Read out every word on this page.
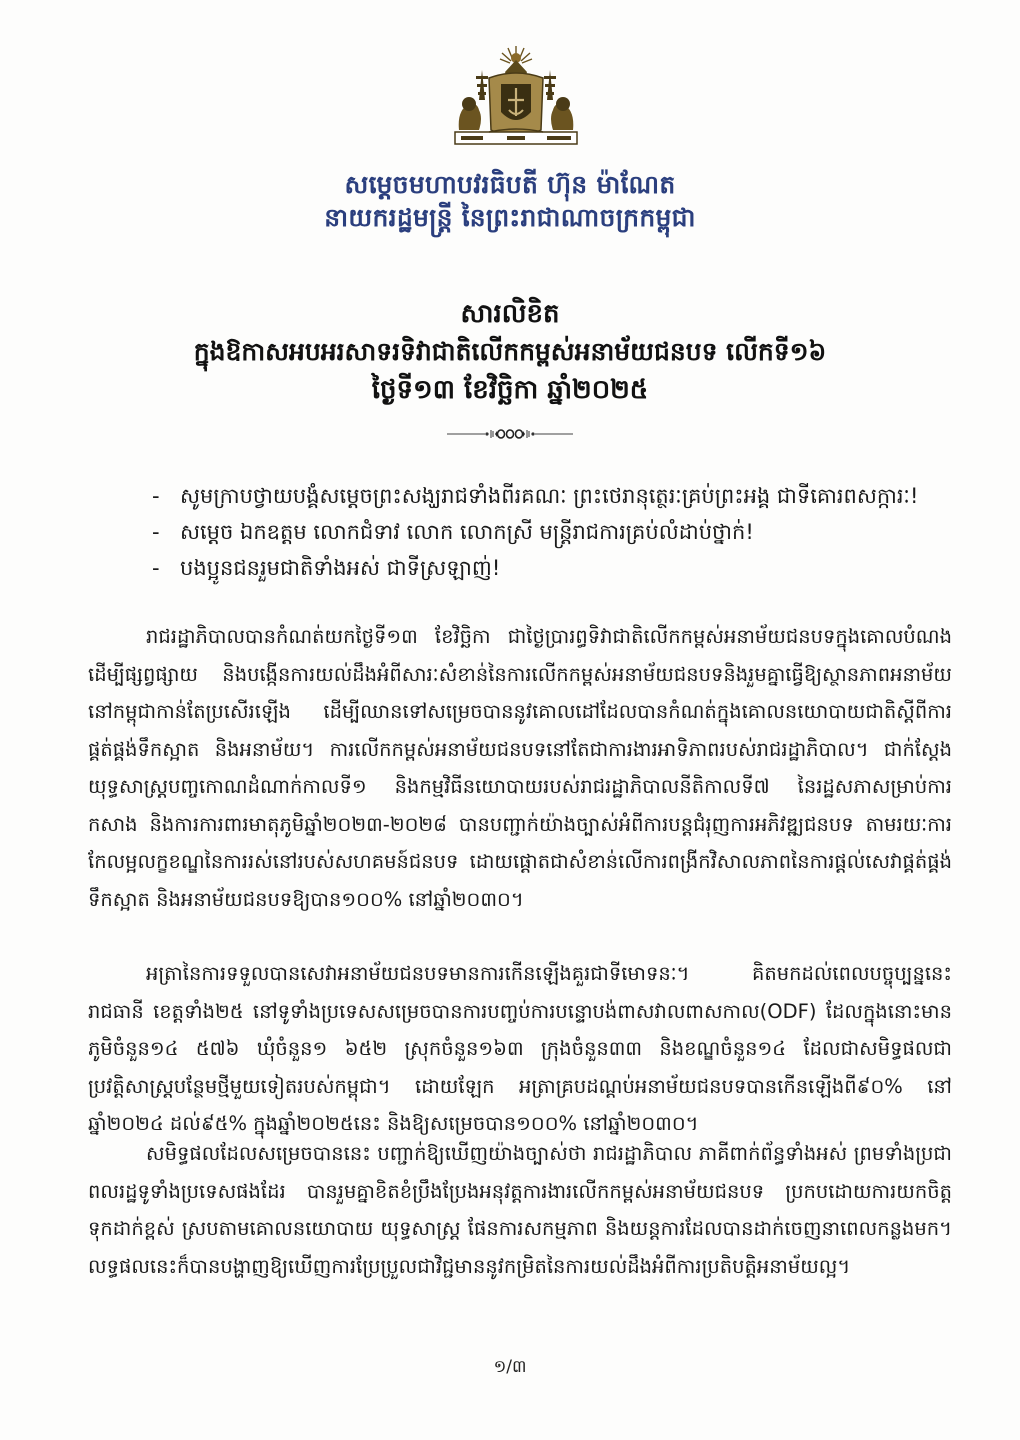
សម្តេចមហាបវរធិបតី ហ៊ុន ម៉ាណែត
នាយករដ្ឋមន្ត្រី នៃព្រះរាជាណាចក្រកម្ពុជា
សារលិខិត
ក្នុងឱកាសអបអរសាទរទិវាជាតិលើកកម្ពស់អនាម័យជនបទ លើកទី១៦
ថ្ងៃទី១៣ ខែវិច្ឆិកា ឆ្នាំ២០២៥
- សូមក្រាបថ្វាយបង្គំសម្តេចព្រះសង្ឃរាជទាំងពីរគណៈ ព្រះថេរានុត្ថេរៈគ្រប់ព្រះអង្គ ជាទីគោរពសក្ការៈ!
- សម្តេច ឯកឧត្តម លោកជំទាវ លោក លោកស្រី មន្ត្រីរាជការគ្រប់លំដាប់ថ្នាក់!
- បងប្អូនជនរួមជាតិទាំងអស់ ជាទីស្រឡាញ់!

រាជរដ្ឋាភិបាលបានកំណត់យកថ្ងៃទី១៣ ខែវិច្ឆិកា ជាថ្ងៃប្រារព្ធទិវាជាតិលើកកម្ពស់អនាម័យជនបទក្នុងគោលបំណងដើម្បីផ្សព្វផ្សាយ និងបង្កើនការយល់ដឹងអំពីសារៈសំខាន់នៃការលើកកម្ពស់អនាម័យជនបទនិងរួមគ្នាធ្វើឱ្យស្ថានភាពអនាម័យនៅកម្ពុជាកាន់តែប្រសើរឡើង ដើម្បីឈានទៅសម្រេចបាននូវគោលដៅដែលបានកំណត់ក្នុងគោលនយោបាយជាតិស្តីពីការផ្គត់ផ្គង់ទឹកស្អាត និងអនាម័យ។ ការលើកកម្ពស់អនាម័យជនបទនៅតែជាការងារអាទិភាពរបស់រាជរដ្ឋាភិបាល។ ជាក់ស្តែង យុទ្ធសាស្ត្របញ្ចកោណដំណាក់កាលទី១ និងកម្មវិធីនយោបាយរបស់រាជរដ្ឋាភិបាលនីតិកាលទី៧ នៃរដ្ឋសភាសម្រាប់ការកសាង និងការការពារមាតុភូមិឆ្នាំ២០២៣-២០២៨ បានបញ្ជាក់យ៉ាងច្បាស់អំពីការបន្តជំរុញការអភិវឌ្ឍជនបទ តាមរយៈការកែលម្អលក្ខខណ្ឌនៃការរស់នៅរបស់សហគមន៍ជនបទ ដោយផ្តោតជាសំខាន់លើការពង្រីកវិសាលភាពនៃការផ្តល់សេវាផ្គត់ផ្គង់ទឹកស្អាត និងអនាម័យជនបទឱ្យបាន១០០% នៅឆ្នាំ២០៣០។

អត្រានៃការទទួលបានសេវាអនាម័យជនបទមានការកើនឡើងគួរជាទីមោទនៈ។ គិតមកដល់ពេលបច្ចុប្បន្ននេះ រាជធានី ខេត្តទាំង២៥ នៅទូទាំងប្រទេសសម្រេចបានការបញ្ចប់ការបន្ទោបង់ពាសវាលពាសកាល(ODF) ដែលក្នុងនោះមានភូមិចំនួន១៤ ៥៧៦ ឃុំចំនួន១ ៦៥២ ស្រុកចំនួន១៦៣ ក្រុងចំនួន៣៣ និងខណ្ឌចំនួន១៤ ដែលជាសមិទ្ធផលជាប្រវត្តិសាស្ត្របន្ថែមថ្មីមួយទៀតរបស់កម្ពុជា។ ដោយឡែក អត្រាគ្របដណ្តប់អនាម័យជនបទបានកើនឡើងពី៩០% នៅឆ្នាំ២០២៤ ដល់៩៥% ក្នុងឆ្នាំ២០២៥នេះ និងឱ្យសម្រេចបាន១០០% នៅឆ្នាំ២០៣០។

សមិទ្ធផលដែលសម្រេចបាននេះ បញ្ជាក់ឱ្យឃើញយ៉ាងច្បាស់ថា រាជរដ្ឋាភិបាល ភាគីពាក់ព័ន្ធទាំងអស់ ព្រមទាំងប្រជាពលរដ្ឋទូទាំងប្រទេសផងដែរ បានរួមគ្នាខិតខំប្រឹងប្រែងអនុវត្តការងារលើកកម្ពស់អនាម័យជនបទ ប្រកបដោយការយកចិត្តទុកដាក់ខ្ពស់ ស្របតាមគោលនយោបាយ យុទ្ធសាស្ត្រ ផែនការសកម្មភាព និងយន្តការដែលបានដាក់ចេញនាពេលកន្លងមក។ លទ្ធផលនេះក៏បានបង្ហាញឱ្យឃើញការប្រែប្រួលជាវិជ្ជមាននូវកម្រិតនៃការយល់ដឹងអំពីការប្រតិបត្តិអនាម័យល្អ។

១/៣
